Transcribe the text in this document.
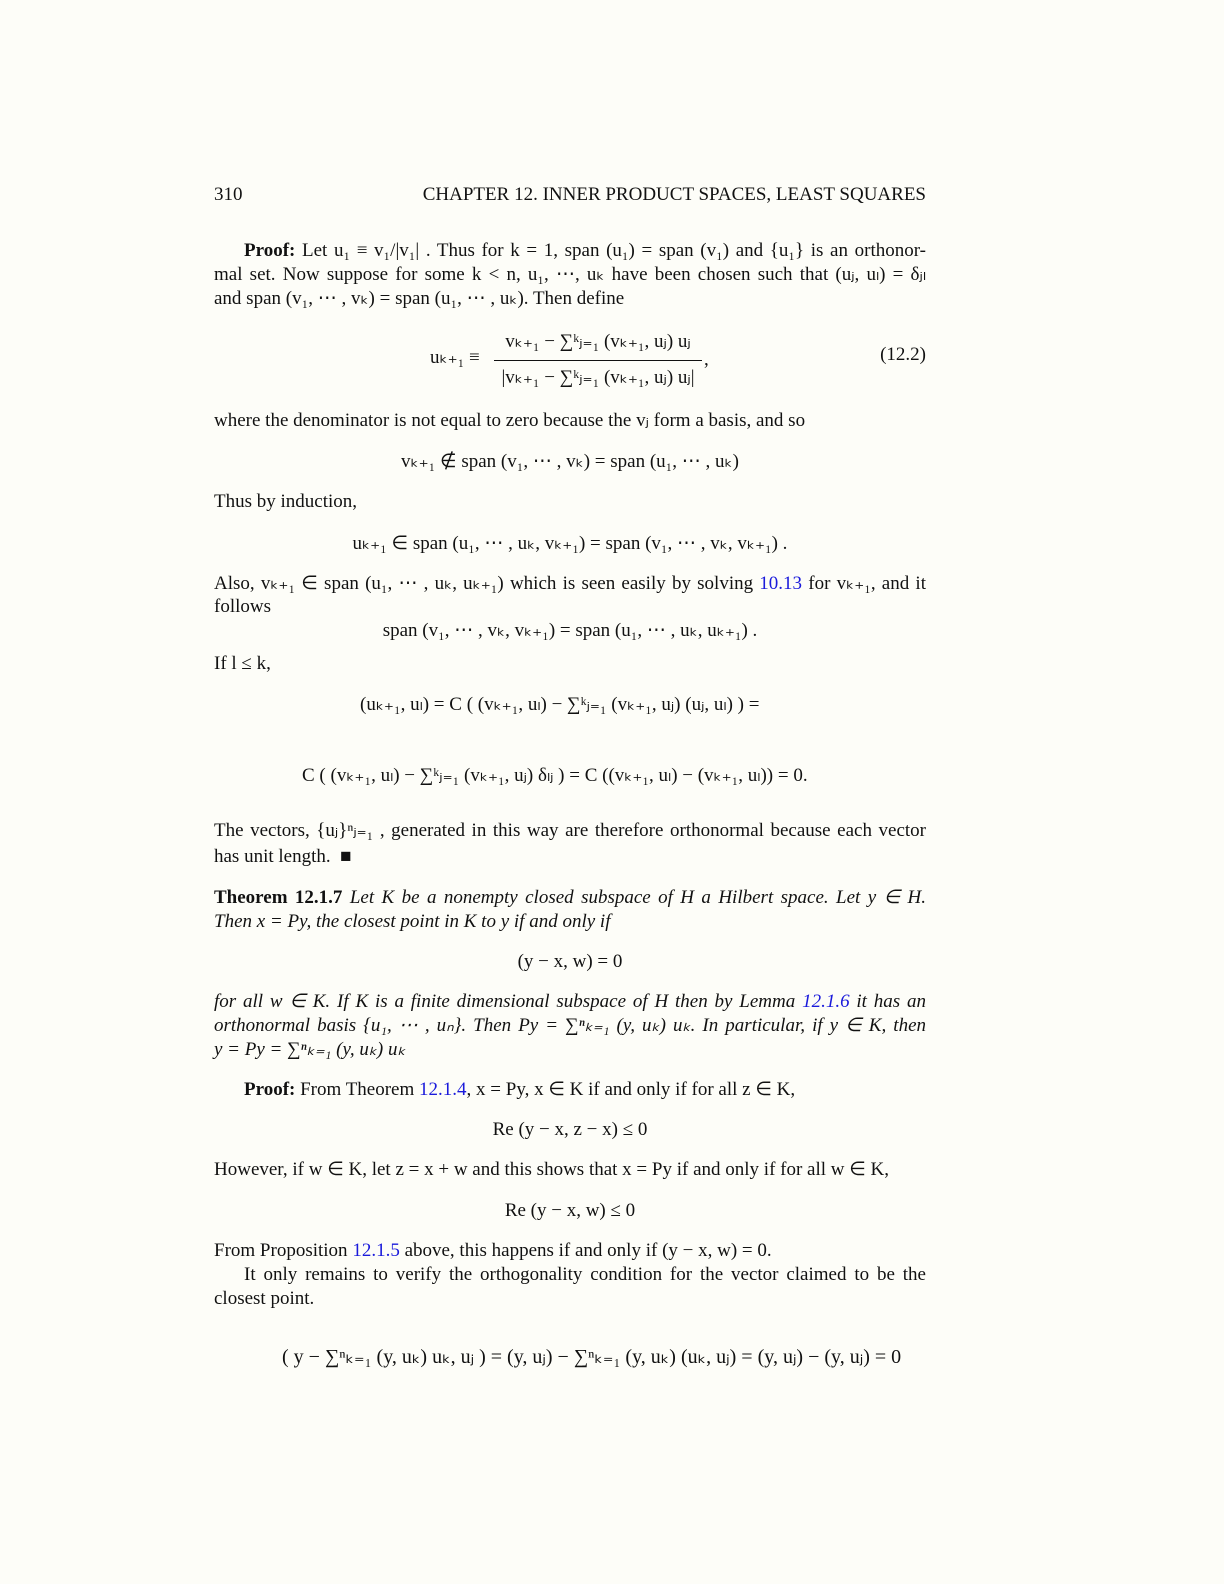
310	CHAPTER 12. INNER PRODUCT SPACES, LEAST SQUARES
Proof: Let u₁ ≡ v₁/|v₁| . Thus for k = 1, span (u₁) = span (v₁) and {u₁} is an orthonor-
mal set. Now suppose for some k < n, u₁, ⋯, uₖ have been chosen such that (uⱼ, uₗ) = δⱼₗ
and span (v₁, ⋯ , vₖ) = span (u₁, ⋯ , uₖ). Then define
uₖ₊₁ ≡
vₖ₊₁ − ∑ᵏⱼ₌₁ (vₖ₊₁, uⱼ) uⱼ
|vₖ₊₁ − ∑ᵏⱼ₌₁ (vₖ₊₁, uⱼ) uⱼ|
,	(12.2)
where the denominator is not equal to zero because the vⱼ form a basis, and so
vₖ₊₁ ∉ span (v₁, ⋯ , vₖ) = span (u₁, ⋯ , uₖ)
Thus by induction,
uₖ₊₁ ∈ span (u₁, ⋯ , uₖ, vₖ₊₁) = span (v₁, ⋯ , vₖ, vₖ₊₁) .
Also, vₖ₊₁ ∈ span (u₁, ⋯ , uₖ, uₖ₊₁) which is seen easily by solving 10.13 for vₖ₊₁, and it
follows
span (v₁, ⋯ , vₖ, vₖ₊₁) = span (u₁, ⋯ , uₖ, uₖ₊₁) .
If l ≤ k,
(uₖ₊₁, uₗ) = C ( (vₖ₊₁, uₗ) − ∑ᵏⱼ₌₁ (vₖ₊₁, uⱼ) (uⱼ, uₗ) ) =
C ( (vₖ₊₁, uₗ) − ∑ᵏⱼ₌₁ (vₖ₊₁, uⱼ) δₗⱼ ) = C ((vₖ₊₁, uₗ) − (vₖ₊₁, uₗ)) = 0.
The vectors, {uⱼ}ⁿⱼ₌₁ , generated in this way are therefore orthonormal because each vector
has unit length. ■
Theorem 12.1.7 Let K be a nonempty closed subspace of H a Hilbert space. Let y ∈ H.
Then x = Py, the closest point in K to y if and only if
(y − x, w) = 0
for all w ∈ K. If K is a finite dimensional subspace of H then by Lemma 12.1.6 it has an
orthonormal basis {u₁, ⋯ , uₙ}. Then Py = ∑ⁿₖ₌₁ (y, uₖ) uₖ. In particular, if y ∈ K, then
y = Py = ∑ⁿₖ₌₁ (y, uₖ) uₖ
Proof: From Theorem 12.1.4, x = Py, x ∈ K if and only if for all z ∈ K,
Re (y − x, z − x) ≤ 0
However, if w ∈ K, let z = x + w and this shows that x = Py if and only if for all w ∈ K,
Re (y − x, w) ≤ 0
From Proposition 12.1.5 above, this happens if and only if (y − x, w) = 0.
It only remains to verify the orthogonality condition for the vector claimed to be the
closest point.
( y − ∑ⁿₖ₌₁ (y, uₖ) uₖ, uⱼ ) = (y, uⱼ) − ∑ⁿₖ₌₁ (y, uₖ) (uₖ, uⱼ) = (y, uⱼ) − (y, uⱼ) = 0
